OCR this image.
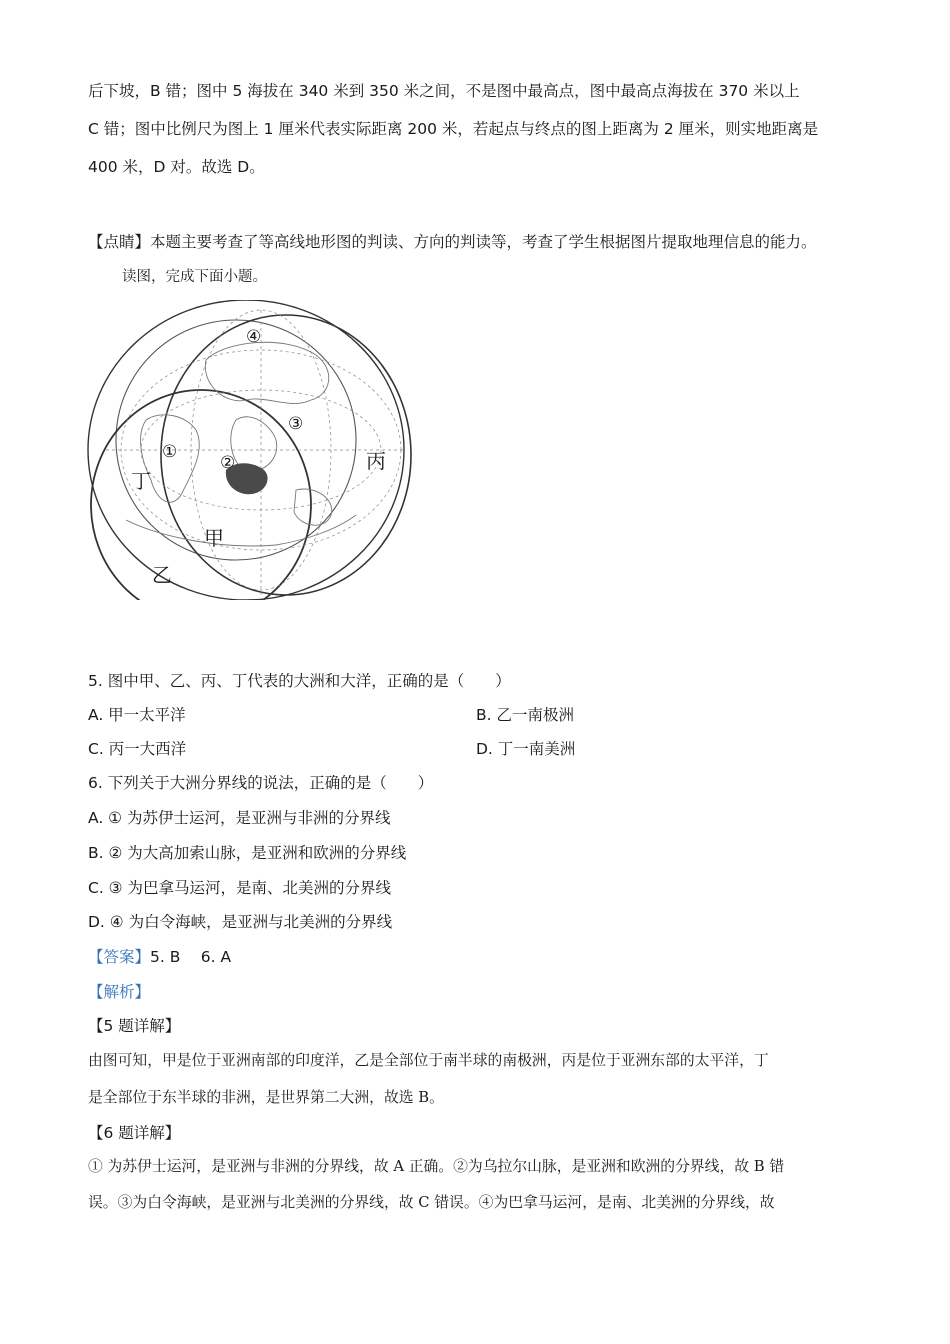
后下坡，B 错；图中 5 海拔在 340 米到 350 米之间，不是图中最高点，图中最高点海拔在 370 米以上
C 错；图中比例尺为图上 1 厘米代表实际距离 200 米，若起点与终点的图上距离为 2 厘米，则实地距离是
400 米，D 对。故选 D。
【点睛】本题主要考查了等高线地形图的判读、方向的判读等，考查了学生根据图片提取地理信息的能力。
读图，完成下面小题。
丙
丁
甲
乙
①
②
③
④
5. 图中甲、乙、丙、丁代表的大洲和大洋，正确的是（　　）
A. 甲一太平洋	B. 乙一南极洲
C. 丙一大西洋	D. 丁一南美洲
6. 下列关于大洲分界线的说法，正确的是（　　）
A. ① 为苏伊士运河，是亚洲与非洲的分界线
B. ② 为大高加索山脉，是亚洲和欧洲的分界线
C. ③ 为巴拿马运河，是南、北美洲的分界线
D. ④ 为白令海峡，是亚洲与北美洲的分界线
【答案】5. B　 6. A
【解析】
【5 题详解】
由图可知，甲是位于亚洲南部的印度洋，乙是全部位于南半球的南极洲，丙是位于亚洲东部的太平洋，丁
是全部位于东半球的非洲，是世界第二大洲，故选 B。
【6 题详解】
① 为苏伊士运河，是亚洲与非洲的分界线，故 A 正确。②为乌拉尔山脉，是亚洲和欧洲的分界线，故 B 错
误。③为白令海峡，是亚洲与北美洲的分界线，故 C 错误。④为巴拿马运河，是南、北美洲的分界线，故
